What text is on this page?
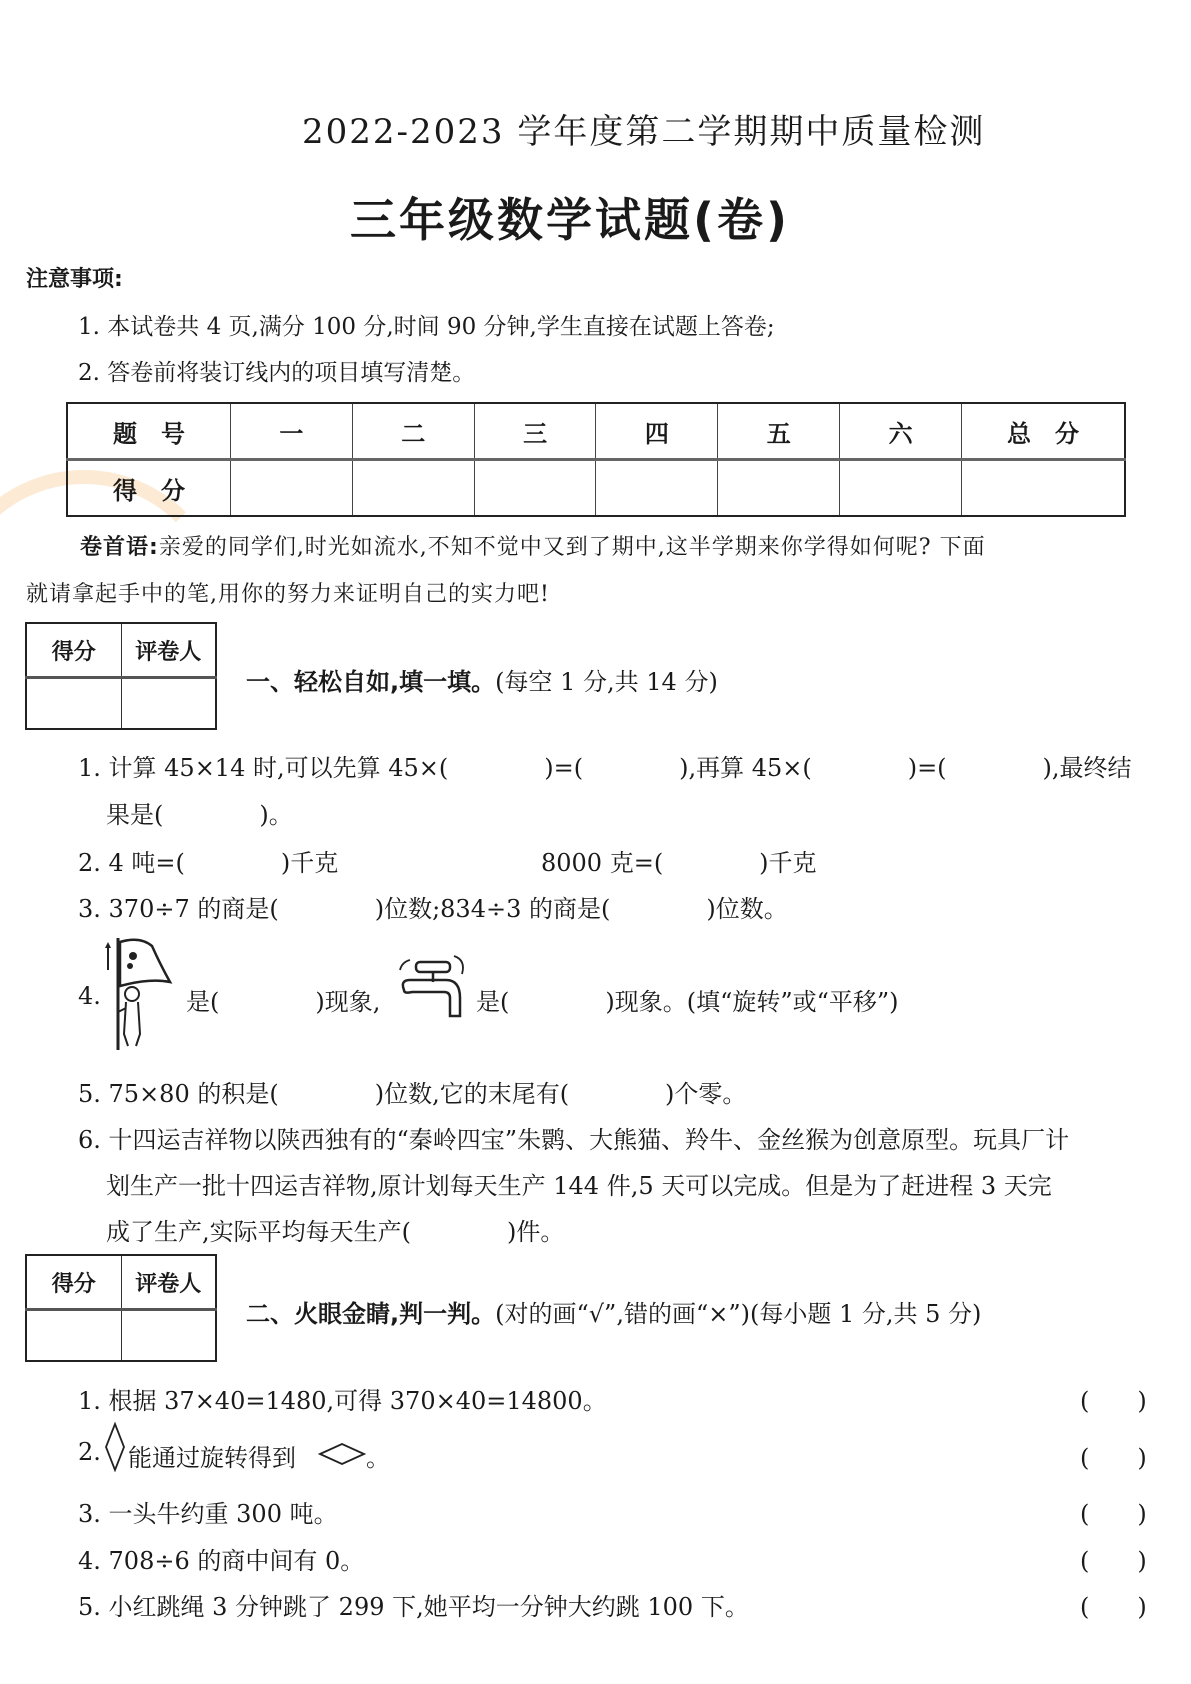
2022-2023 学年度第二学期期中质量检测
三年级数学试题(卷)
注意事项:
1. 本试卷共 4 页,满分 100 分,时间 90 分钟,学生直接在试题上答卷;
2. 答卷前将装订线内的项目填写清楚。
题　号	一	二	三	四	五	六	总　分
得　分							
卷首语:亲爱的同学们,时光如流水,不知不觉中又到了期中,这半学期来你学得如何呢? 下面
就请拿起手中的笔,用你的努力来证明自己的实力吧!
得分	评卷人

一、轻松自如,填一填。(每空 1 分,共 14 分)
1. 计算 45×14 时,可以先算 45×(　　　　)=(　　　　),再算 45×(　　　　)=(　　　　),最终结
果是(　　　　)。
2. 4 吨=(　　　　)千克	8000 克=(　　　　)千克
3. 370÷7 的商是(　　　　)位数;834÷3 的商是(　　　　)位数。
4.	是(　　　　)现象,	是(　　　　)现象。(填“旋转”或“平移”)
5. 75×80 的积是(　　　　)位数,它的末尾有(　　　　)个零。
6. 十四运吉祥物以陕西独有的“秦岭四宝”朱鹮、大熊猫、羚牛、金丝猴为创意原型。玩具厂计
划生产一批十四运吉祥物,原计划每天生产 144 件,5 天可以完成。但是为了赶进程 3 天完
成了生产,实际平均每天生产(　　　　)件。
得分	评卷人

二、火眼金睛,判一判。(对的画“√”,错的画“×”)(每小题 1 分,共 5 分)
1. 根据 37×40=1480,可得 370×40=14800。	(　　)
2. 能通过旋转得到	。	(　　)
3. 一头牛约重 300 吨。	(　　)
4. 708÷6 的商中间有 0。	(　　)
5. 小红跳绳 3 分钟跳了 299 下,她平均一分钟大约跳 100 下。	(　　)
